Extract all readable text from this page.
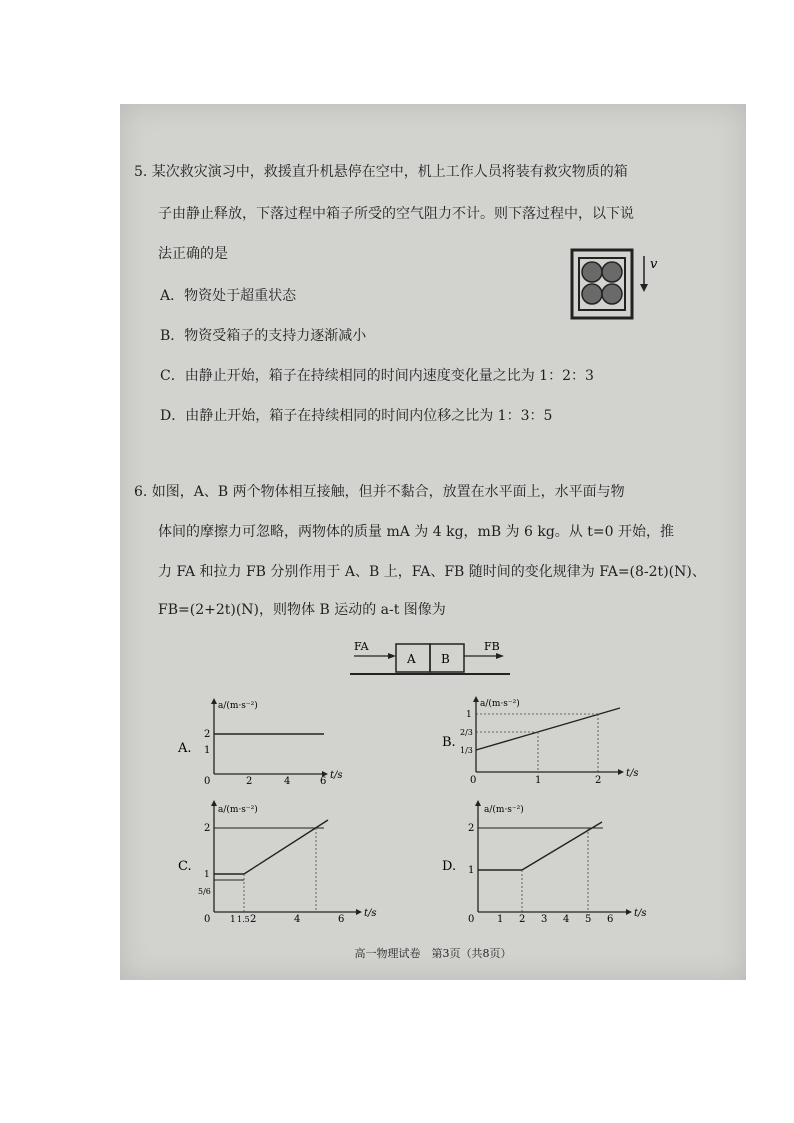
5. 某次救灾演习中，救援直升机悬停在空中，机上工作人员将装有救灾物质的箱
子由静止释放，下落过程中箱子所受的空气阻力不计。则下落过程中，以下说
法正确的是
A．物资处于超重状态
B．物资受箱子的支持力逐渐减小
C．由静止开始，箱子在持续相同的时间内速度变化量之比为 1：2：3
D．由静止开始，箱子在持续相同的时间内位移之比为 1：3：5
v
6. 如图，A、B 两个物体相互接触，但并不黏合，放置在水平面上，水平面与物
体间的摩擦力可忽略，两物体的质量 mA 为 4 kg，mB 为 6 kg。从 t=0 开始，推
力 FA 和拉力 FB 分别作用于 A、B 上，FA、FB 随时间的变化规律为 FA=(8-2t)(N)、
FB=(2+2t)(N)，则物体 B 运动的 a-t 图像为
FA
A B
FB
A.
a/(m·s⁻²)
t/s
2
1
0	2	4	6
B.
a/(m·s⁻²)
t/s
1
2/3
1/3
0	1	2
C.
a/(m·s⁻²)
t/s
2
1
5/6
0 1 1.5 2	4	6
D.
a/(m·s⁻²)
t/s
2
1
0 1 2 3 4 5 6
高一物理试卷　第3页（共8页）
